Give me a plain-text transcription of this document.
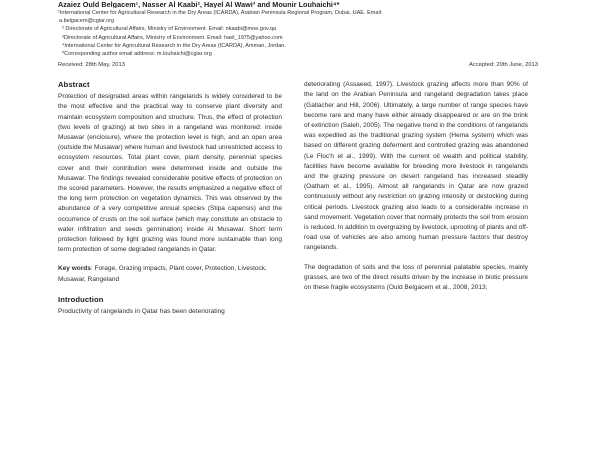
Azaiez Ould Belgacem¹, Nasser Al Kaabi², Hayel Al Wawi³ and Mounir Louhaichi⁴*
¹International Center for Agricultural Research in the Dry Areas (ICARDA), Arabian Peninsula Regional Program, Dubai, UAE. Email:
a.belgacem@cgiar.org
² Directorate of Agricultural Affairs, Ministry of Environment. Email: nkaabi@moe.gov.qa
³Directorate of Agricultural Affairs, Ministry of Environment. Email: hael_1975@yahoo.com
⁴International Center for Agricultural Research in the Dry Areas (ICARDA), Amman, Jordan.
*Corresponding author email address: m.louhaichi@cgiar.org
Received: 28th May, 2013	Accepted: 20th June, 2013
Abstract

Protection of designated areas within rangelands is widely considered to be the most effective and the practical way to conserve plant diversity and maintain ecosystem composition and structure. Thus, the effect of protection (two levels of grazing) at two sites in a rangeland was monitored: inside Musawar (enclosure), where the protection level is high, and an open area (outside the Musawar) where human and livestock had unrestricted access to ecosystem resources. Total plant cover, plant density, perennial species cover and their contribution were determined inside and outside the Musawar. The findings revealed considerable positive effects of protection on the scored parameters. However, the results emphasized a negative effect of the long term protection on vegetation dynamics. This was observed by the abundance of a very competitive annual species (Stipa capensis) and the occurrence of crusts on the soil surface (which may constitute an obstacle to water infiltration and seeds germination) inside Al Musawar. Short term protection followed by light grazing was found more sustainable than long term protection of some degraded rangelands in Qatar.

Key words: Forage, Grazing impacts, Plant cover, Protection, Livestock, Musawar, Rangeland

Introduction

Productivity of rangelands in Qatar has been deteriorating

deteriorating (Assaeed, 1997). Livestock grazing affects more than 90% of the land on the Arabian Peninsula and rangeland degradation takes place (Gallacher and Hill, 2006). Ultimately, a large number of range species have become rare and many have either already disappeared or are on the brink of extinction (Saleh, 2005). The negative trend in the conditions of rangelands was expedited as the traditional grazing system (Hema system) which was based on different grazing deferment and controlled grazing was abandoned (Le Floc'h et al., 1999). With the current oil wealth and political stability, facilities have become available for breeding more livestock in rangelands and the grazing pressure on desert rangeland has increased steadily (Oatham et al., 1995). Almost all rangelands in Qatar are now grazed continuously without any restriction on grazing intensity or destocking during critical periods. Livestock grazing also leads to a considerable increase in sand movement. Vegetation cover that normally protects the soil from erosion is reduced. In addition to overgrazing by livestock, uprooting of plants and off-road use of vehicles are also among human pressure factors that destroy rangelands.

The degradation of soils and the loss of perennial palatable species, mainly grasses, are two of the direct results driven by the increase in biotic pressure on these fragile ecosystems (Ould Belgacem et al., 2008, 2013;
